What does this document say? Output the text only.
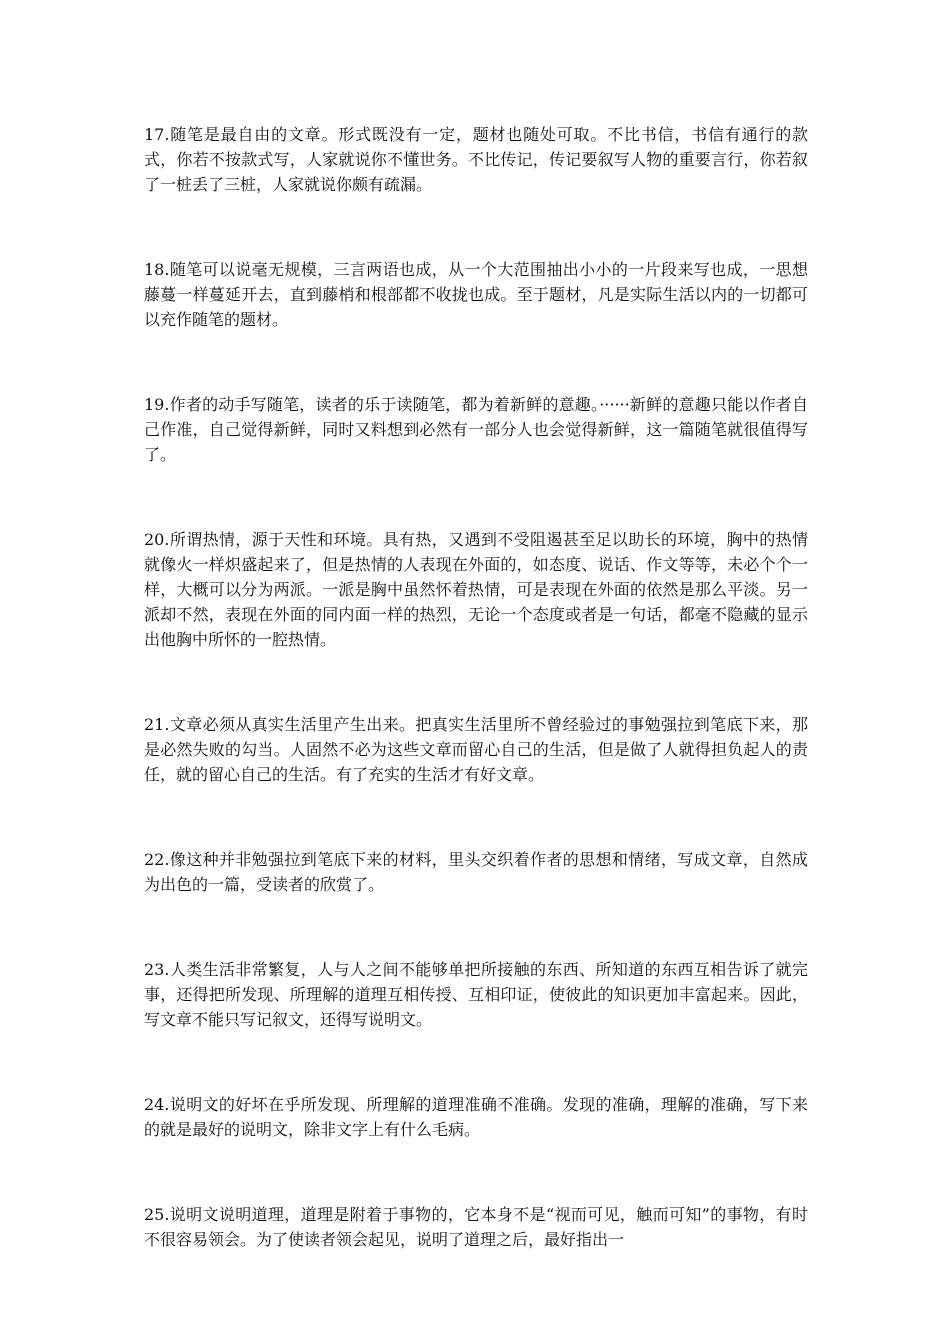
17.随笔是最自由的文章。形式既没有一定，题材也随处可取。不比书信，书信有通行的款式，你若不按款式写，人家就说你不懂世务。不比传记，传记要叙写人物的重要言行，你若叙了一桩丢了三桩，人家就说你颇有疏漏。

18.随笔可以说毫无规模，三言两语也成，从一个大范围抽出小小的一片段来写也成，一思想藤蔓一样蔓延开去，直到藤梢和根部都不收拢也成。至于题材，凡是实际生活以内的一切都可以充作随笔的题材。

19.作者的动手写随笔，读者的乐于读随笔，都为着新鲜的意趣。······新鲜的意趣只能以作者自己作准，自己觉得新鲜，同时又料想到必然有一部分人也会觉得新鲜，这一篇随笔就很值得写了。

20.所谓热情，源于天性和环境。具有热，又遇到不受阻遏甚至足以助长的环境，胸中的热情就像火一样炽盛起来了，但是热情的人表现在外面的，如态度、说话、作文等等，未必个个一样，大概可以分为两派。一派是胸中虽然怀着热情，可是表现在外面的依然是那么平淡。另一派却不然，表现在外面的同内面一样的热烈，无论一个态度或者是一句话，都毫不隐藏的显示出他胸中所怀的一腔热情。

21.文章必须从真实生活里产生出来。把真实生活里所不曾经验过的事勉强拉到笔底下来，那是必然失败的勾当。人固然不必为这些文章而留心自己的生活，但是做了人就得担负起人的责任，就的留心自己的生活。有了充实的生活才有好文章。

22.像这种并非勉强拉到笔底下来的材料，里头交织着作者的思想和情绪，写成文章，自然成为出色的一篇，受读者的欣赏了。

23.人类生活非常繁复，人与人之间不能够单把所接触的东西、所知道的东西互相告诉了就完事，还得把所发现、所理解的道理互相传授、互相印证，使彼此的知识更加丰富起来。因此，写文章不能只写记叙文，还得写说明文。

24.说明文的好坏在乎所发现、所理解的道理准确不准确。发现的准确，理解的准确，写下来的就是最好的说明文，除非文字上有什么毛病。

25.说明文说明道理，道理是附着于事物的，它本身不是“视而可见，触而可知”的事物，有时不很容易领会。为了使读者领会起见，说明了道理之后，最好指出一
